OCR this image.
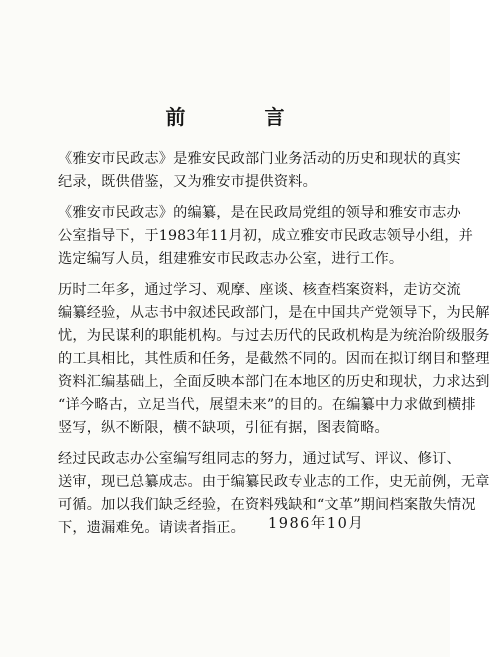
前 言
《雅安市民政志》是雅安民政部门业务活动的历史和现状的真实
纪录，既供借鉴，又为雅安市提供资料。
《雅安市民政志》的编纂，是在民政局党组的领导和雅安市志办
公室指导下，于1983年11月初，成立雅安市民政志领导小组，并
选定编写人员，组建雅安市民政志办公室，进行工作。
历时二年多，通过学习、观摩、座谈、核查档案资料，走访交流
编纂经验，从志书中叙述民政部门，是在中国共产党领导下，为民解
忧，为民谋利的职能机构。与过去历代的民政机构是为统治阶级服务
的工具相比，其性质和任务，是截然不同的。因而在拟订纲目和整理
资料汇编基础上，全面反映本部门在本地区的历史和现状，力求达到
“详今略古，立足当代，展望未来”的目的。在编纂中力求做到横排
竖写，纵不断限，横不缺项，引征有据，图表简略。
经过民政志办公室编写组同志的努力，通过试写、评议、修订、
送审，现已总纂成志。由于编纂民政专业志的工作，史无前例，无章
可循。加以我们缺乏经验，在资料残缺和“文革”期间档案散失情况
下，遗漏难免。请读者指正。	1986年10月
